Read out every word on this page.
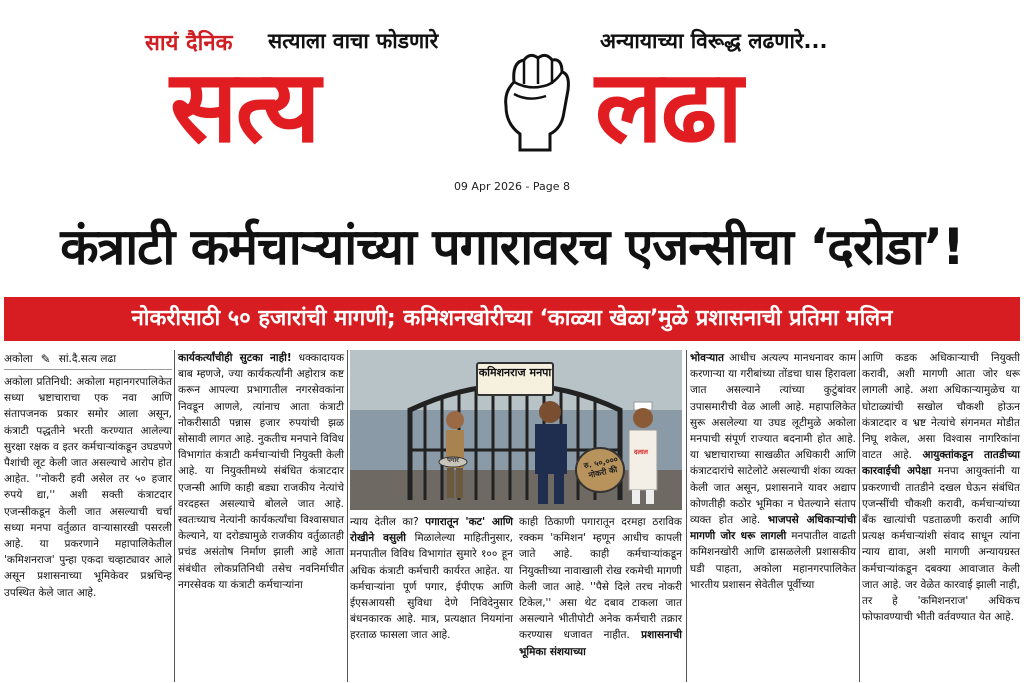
सायं दैनिक सत्याला वाचा फोडणारे	अन्यायाच्या विरूद्ध लढणारे...
सत्य	लढा
09 Apr 2026 - Page 8
कंत्राटी कर्मचाऱ्यांच्या पगारावरच एजन्सीचा ‘दरोडा’!
नोकरीसाठी ५० हजारांची मागणी; कमिशनखोरीच्या ‘काळ्या खेळा’मुळे प्रशासनाची प्रतिमा मलिन
अकोला ✎ सां.दै.सत्य लढा

अकोला प्रतिनिधी: अकोला महानगरपालिकेत सध्या भ्रष्टाचाराचा एक नवा आणि संतापजनक प्रकार समोर आला असून, कंत्राटी पद्धतीने भरती करण्यात आलेल्या सुरक्षा रक्षक व इतर कर्मचाऱ्यांकडून उघडपणे पैशांची लूट केली जात असल्याचे आरोप होत आहेत. ''नोकरी हवी असेल तर ५० हजार रुपये द्या,'' अशी सक्ती कंत्राटदार एजन्सीकडून केली जात असल्याची चर्चा सध्या मनपा वर्तुळात वाऱ्यासारखी पसरली आहे. या प्रकरणाने महापालिकेतील 'कमिशनराज' पुन्हा एकदा चव्हाट्यावर आले असून प्रशासनाच्या भूमिकेवर प्रश्नचिन्ह उपस्थित केले जात आहे.

कार्यकर्त्यांचीही सुटका नाही! धक्कादायक बाब म्हणजे, ज्या कार्यकर्त्यांनी अहोरात्र कष्ट करून आपल्या प्रभागातील नगरसेवकांना निवडून आणले, त्यांनाच आता कंत्राटी नोकरीसाठी पन्नास हजार रुपयांची झळ सोसावी लागत आहे. नुकतीच मनपाने विविध विभागांत कंत्राटी कर्मचाऱ्यांची नियुक्ती केली आहे. या नियुक्तीमध्ये संबंधित कंत्राटदार एजन्सी आणि काही बड्या राजकीय नेत्यांचे वरदहस्त असल्याचे बोलले जात आहे. स्वतःच्याच नेत्यांनी कार्यकर्त्यांचा विश्वासघात केल्याने, या दरोड्यामुळे राजकीय वर्तुळातही प्रचंड असंतोष निर्माण झाली आहे आता संबंधीत लोकप्रतिनिधी तसेच नवनिर्माचीत नगरसेवक या कंत्राटी कर्मचाऱ्यांना

कमिशनराज मनपा
पगार	रु. ५०,००० नोकरी की
दलाल

न्याय देतील का? पगारातून 'कट' आणि रोखीने वसुली मिळालेल्या माहितीनुसार, मनपातील विविध विभागांत सुमारे १०० हून अधिक कंत्राटी कर्मचारी कार्यरत आहेत. या कर्मचाऱ्यांना पूर्ण पगार, ईपीएफ आणि ईएसआयसी सुविधा देणे निविदेनुसार बंधनकारक आहे. मात्र, प्रत्यक्षात नियमांना हरताळ फासला जात आहे.

काही ठिकाणी पगारातून दरमहा ठराविक रक्कम 'कमिशन' म्हणून आधीच कापली जाते आहे. काही कर्मचाऱ्यांकडून नियुक्तीच्या नावाखाली रोख रकमेची मागणी केली जात आहे. ''पैसे दिले तरच नोकरी टिकेल,'' असा थेट दबाव टाकला जात असल्याने भीतीपोटी अनेक कर्मचारी तक्रार करण्यास धजावत नाहीत. प्रशासनाची भूमिका संशयाच्या

भोवऱ्यात आधीच अत्यल्प मानधनावर काम करणाऱ्या या गरीबांच्या तोंडचा घास हिरावला जात असल्याने त्यांच्या कुटुंबांवर उपासमारीची वेळ आली आहे. महापालिकेत सुरू असलेल्या या उघड लूटीमुळे अकोला मनपाची संपूर्ण राज्यात बदनामी होत आहे. या भ्रष्टाचाराच्या साखळीत अधिकारी आणि कंत्राटदारांचे साटेलोटे असल्याची शंका व्यक्त केली जात असून, प्रशासनाने यावर अद्याप कोणतीही कठोर भूमिका न घेतल्याने संताप व्यक्त होत आहे. भाजपसे अधिकाऱ्यांची मागणी जोर धरू लागली मनपातील वाढती कमिशनखोरी आणि ढासळलेली प्रशासकीय घडी पाहता, अकोला महानगरपालिकेत भारतीय प्रशासन सेवेतील पूर्वीच्या

आणि कडक अधिकाऱ्याची नियुक्ती करावी, अशी मागणी आता जोर धरू लागली आहे. अशा अधिकाऱ्यामुळेच या घोटाळ्यांची सखोल चौकशी होऊन कंत्राटदार व भ्रष्ट नेत्यांचे संगनमत मोडीत निघू शकेल, असा विश्वास नागरिकांना वाटत आहे. आयुक्तांकडून तातडीच्या कारवाईची अपेक्षा मनपा आयुक्तांनी या प्रकरणाची तातडीने दखल घेऊन संबंधित एजन्सींची चौकशी करावी, कर्मचाऱ्यांच्या बँक खात्यांची पडताळणी करावी आणि प्रत्यक्ष कर्मचाऱ्यांशी संवाद साधून त्यांना न्याय द्यावा, अशी मागणी अन्यायग्रस्त कर्मचाऱ्यांकडून दबक्या आवाजात केली जात आहे. जर वेळेत कारवाई झाली नाही, तर हे 'कमिशनराज' अधिकच फोफावण्याची भीती वर्तवण्यात येत आहे.
